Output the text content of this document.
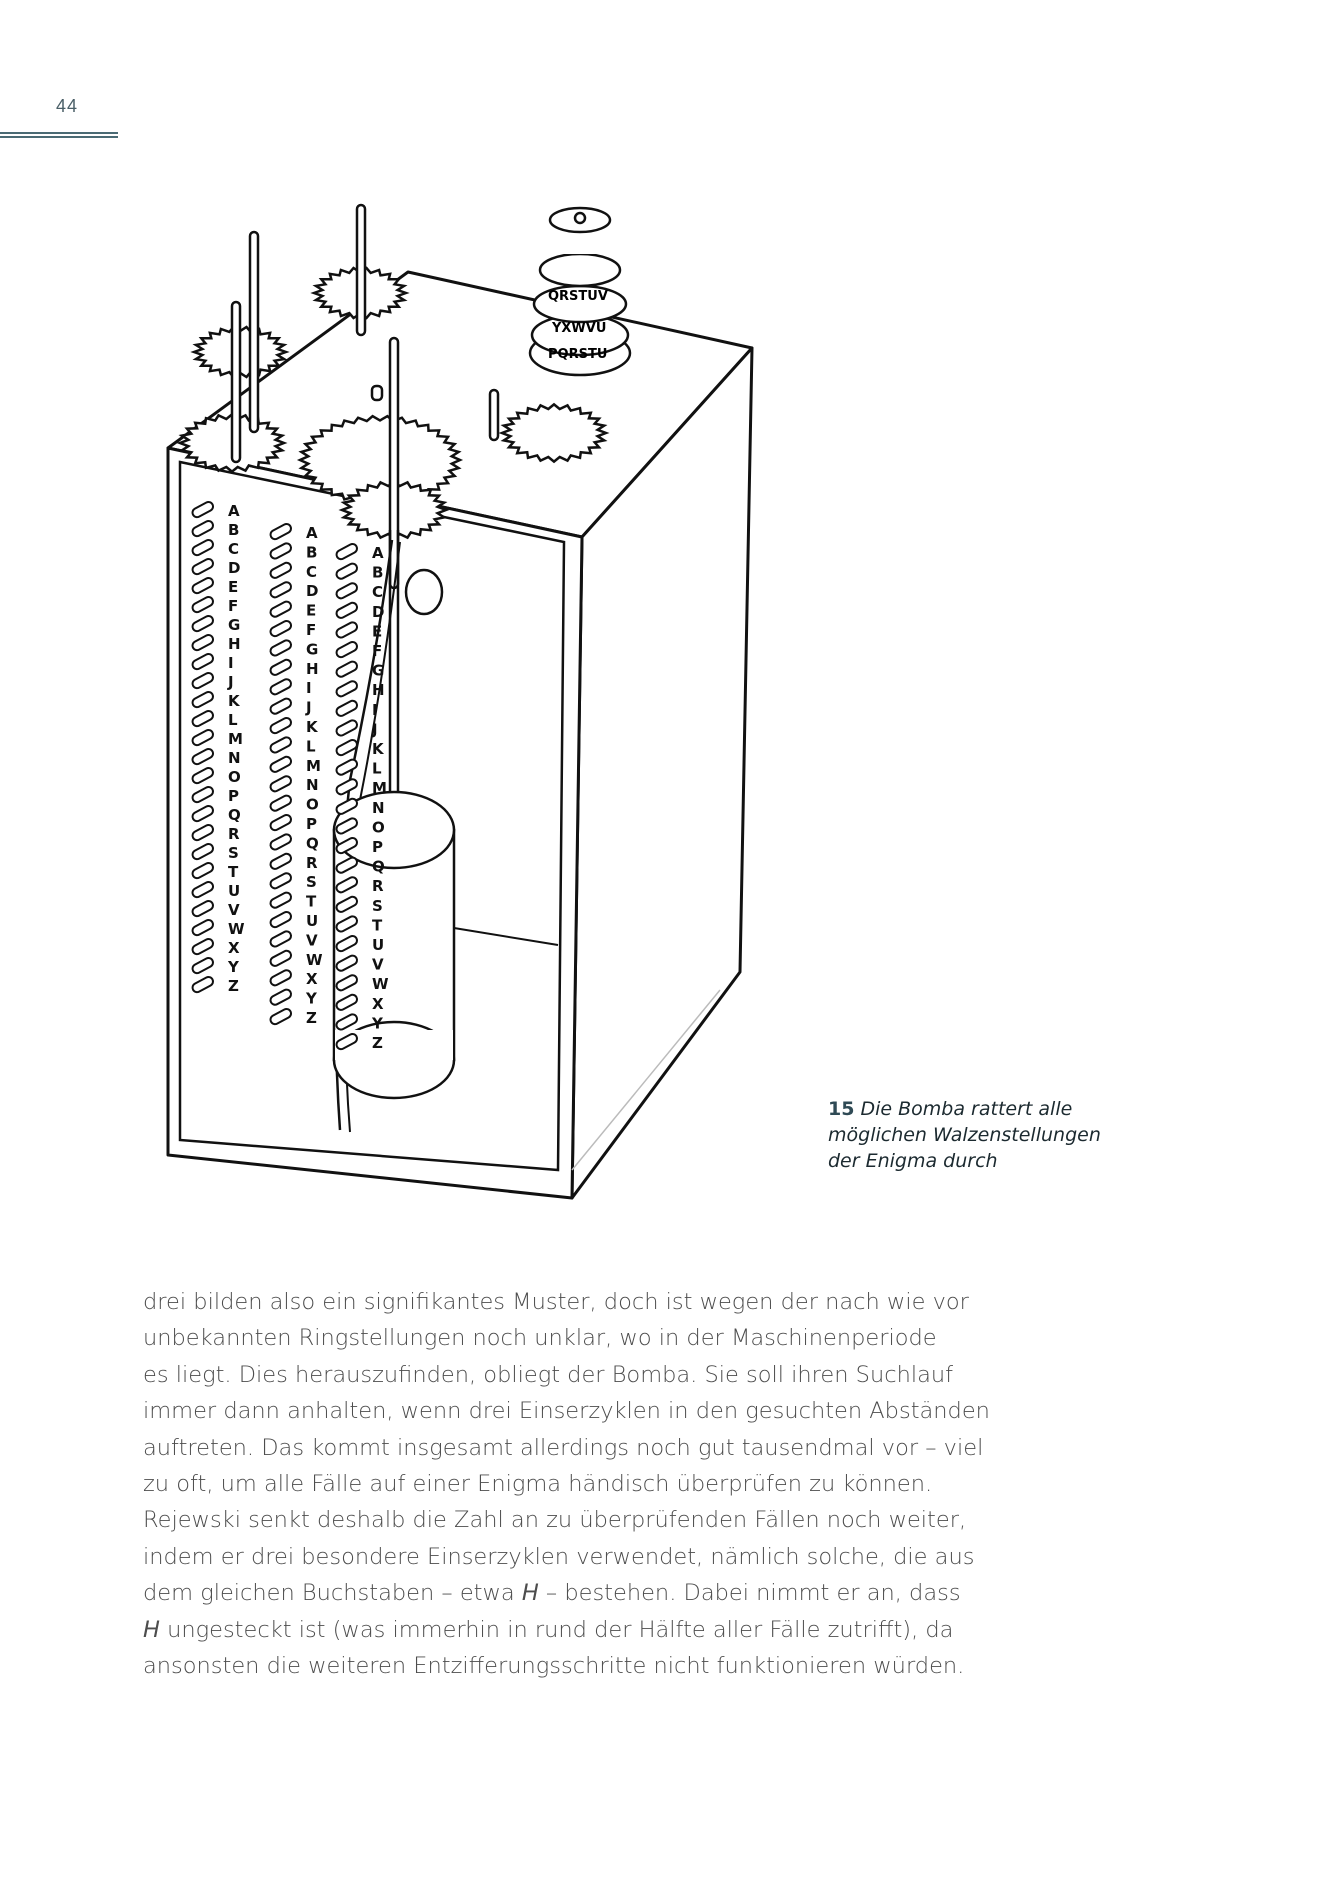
44
QRSTUV
YXWVU
PQRSTU
A
B
C
D
E
F
G
H
I
J
K
L
M
N
O
P
Q
R
S
T
U
V
W
X
Y
Z
A
B
C
D
E
F
G
H
I
J
K
L
M
N
O
P
Q
R
S
T
U
V
W
X
Y
Z
A
B
C
D
E
F
G
H
I
J
K
L
M
N
O
P
Q
R
S
T
U
V
W
X
Y
Z
15 Die Bomba rattert alle
möglichen Walzenstellungen
der Enigma durch
drei bilden also ein signifikantes Muster, doch ist wegen der nach wie vor
unbekannten Ringstellungen noch unklar, wo in der Maschinenperiode
es liegt. Dies herauszufinden, obliegt der Bomba. Sie soll ihren Suchlauf
immer dann anhalten, wenn drei Einserzyklen in den gesuchten Abständen
auftreten. Das kommt insgesamt allerdings noch gut tausendmal vor – viel
zu oft, um alle Fälle auf einer Enigma händisch überprüfen zu können.
Rejewski senkt deshalb die Zahl an zu überprüfenden Fällen noch weiter,
indem er drei besondere Einserzyklen verwendet, nämlich solche, die aus
dem gleichen Buchstaben – etwa H – bestehen. Dabei nimmt er an, dass
H ungesteckt ist (was immerhin in rund der Hälfte aller Fälle zutrifft), da
ansonsten die weiteren Entzifferungsschritte nicht funktionieren würden.
